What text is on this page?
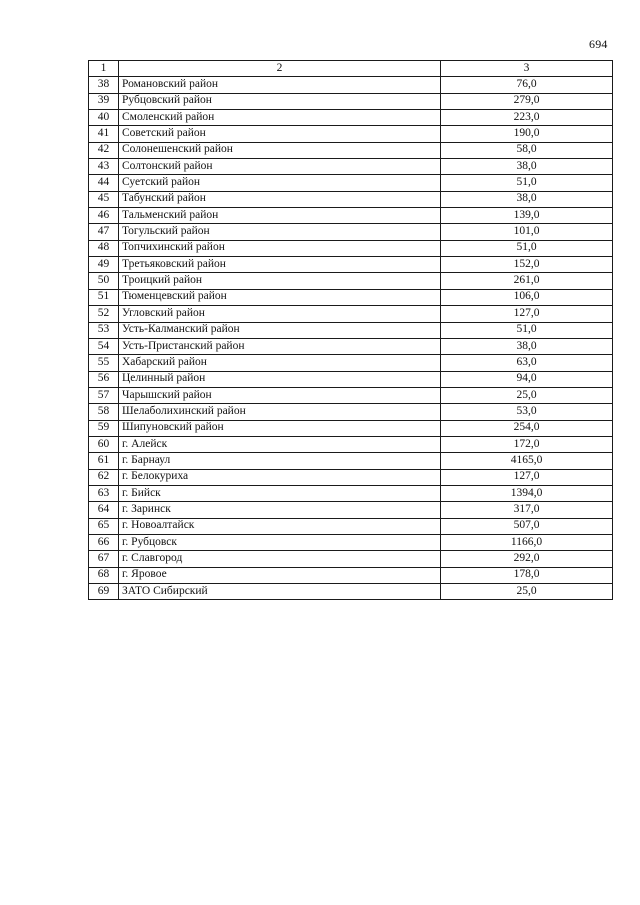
694
1	2	3
38	Романовский район	76,0
39	Рубцовский район	279,0
40	Смоленский район	223,0
41	Советский район	190,0
42	Солонешенский район	58,0
43	Солтонский район	38,0
44	Суетский район	51,0
45	Табунский район	38,0
46	Тальменский район	139,0
47	Тогульский район	101,0
48	Топчихинский район	51,0
49	Третьяковский район	152,0
50	Троицкий район	261,0
51	Тюменцевский район	106,0
52	Угловский район	127,0
53	Усть-Калманский район	51,0
54	Усть-Пристанский район	38,0
55	Хабарский район	63,0
56	Целинный район	94,0
57	Чарышский район	25,0
58	Шелаболихинский район	53,0
59	Шипуновский район	254,0
60	г. Алейск	172,0
61	г. Барнаул	4165,0
62	г. Белокуриха	127,0
63	г. Бийск	1394,0
64	г. Заринск	317,0
65	г. Новоалтайск	507,0
66	г. Рубцовск	1166,0
67	г. Славгород	292,0
68	г. Яровое	178,0
69	ЗАТО Сибирский	25,0
